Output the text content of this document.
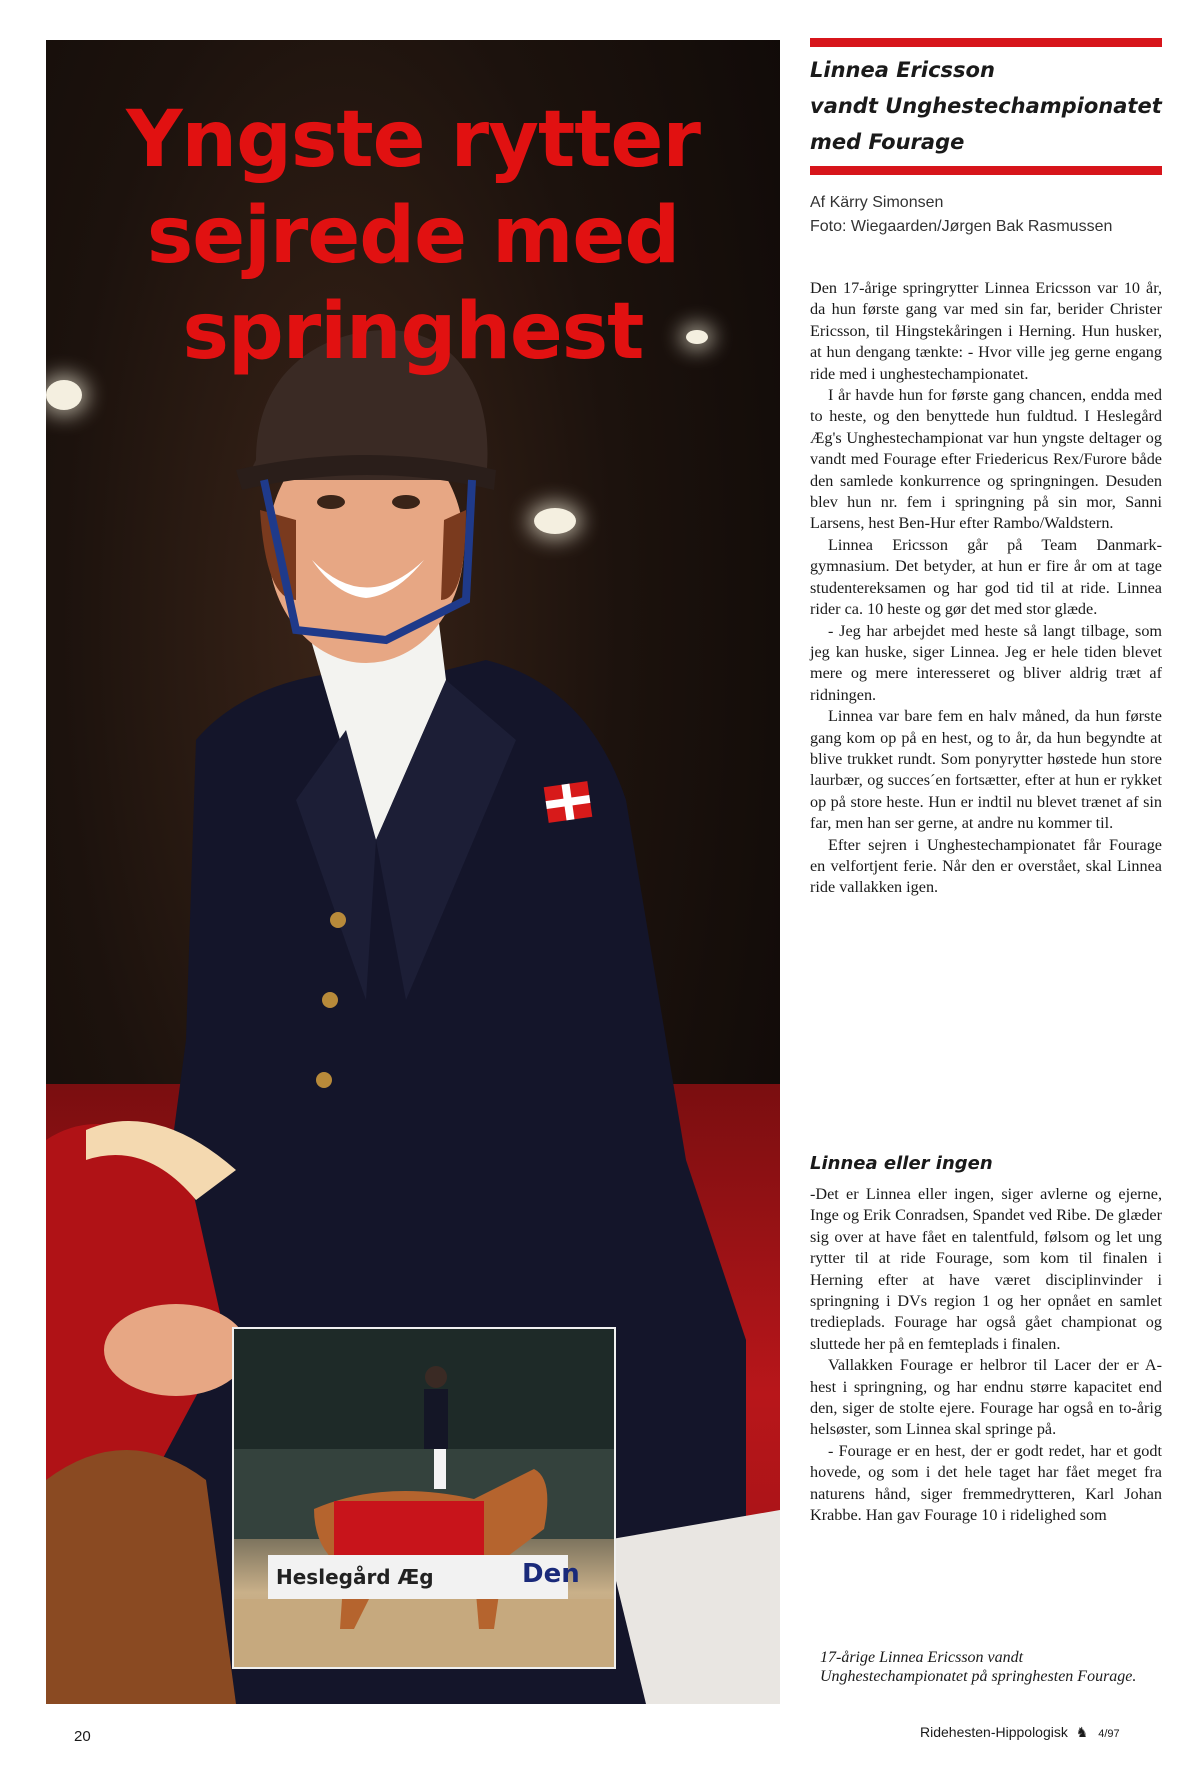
Yngste rytter
sejrede med
springhest
Heslegård Æg	Den
Linnea Ericsson
vandt Unghestechampionatet
med Fourage
Af Kärry Simonsen
Foto: Wiegaarden/Jørgen Bak Rasmussen

Den 17-årige springrytter Linnea Ericsson var 10 år, da hun første gang var med sin far, berider Christer Ericsson, til Hingstekåringen i Herning. Hun husker, at hun dengang tænkte: - Hvor ville jeg gerne engang ride med i unghestechampionatet.

I år havde hun for første gang chancen, endda med to heste, og den benyttede hun fuldtud. I Heslegård Æg's Unghestechampionat var hun yngste deltager og vandt med Fourage efter Friedericus Rex/Furore både den samlede konkurrence og springningen. Desuden blev hun nr. fem i springning på sin mor, Sanni Larsens, hest Ben-Hur efter Rambo/Waldstern.

Linnea Ericsson går på Team Danmark-gymnasium. Det betyder, at hun er fire år om at tage studentereksamen og har god tid til at ride. Linnea rider ca. 10 heste og gør det med stor glæde.

- Jeg har arbejdet med heste så langt tilbage, som jeg kan huske, siger Linnea. Jeg er hele tiden blevet mere og mere interesseret og bliver aldrig træt af ridningen.

Linnea var bare fem en halv måned, da hun første gang kom op på en hest, og to år, da hun begyndte at blive trukket rundt. Som ponyrytter høstede hun store laurbær, og succes´en fortsætter, efter at hun er rykket op på store heste. Hun er indtil nu blevet trænet af sin far, men han ser gerne, at andre nu kommer til.

Efter sejren i Unghestechampionatet får Fourage en velfortjent ferie. Når den er overstået, skal Linnea ride vallakken igen.

Linnea eller ingen

-Det er Linnea eller ingen, siger avlerne og ejerne, Inge og Erik Conradsen, Spandet ved Ribe. De glæder sig over at have fået en talentfuld, følsom og let ung rytter til at ride Fourage, som kom til finalen i Herning efter at have været disciplinvinder i springning i DVs region 1 og her opnået en samlet tredieplads. Fourage har også gået championat og sluttede her på en femteplads i finalen.

Vallakken Fourage er helbror til Lacer der er A-hest i springning, og har endnu større kapacitet end den, siger de stolte ejere. Fourage har også en to-årig helsøster, som Linnea skal springe på.

- Fourage er en hest, der er godt redet, har et godt hovede, og som i det hele taget har fået meget fra naturens hånd, siger fremmedrytteren, Karl Johan Krabbe. Han gav Fourage 10 i ridelighed som

17-årige Linnea Ericsson vandt Unghestechampionatet på springhesten Fourage.

20	Ridehesten-Hippologisk ♞ 4/97
